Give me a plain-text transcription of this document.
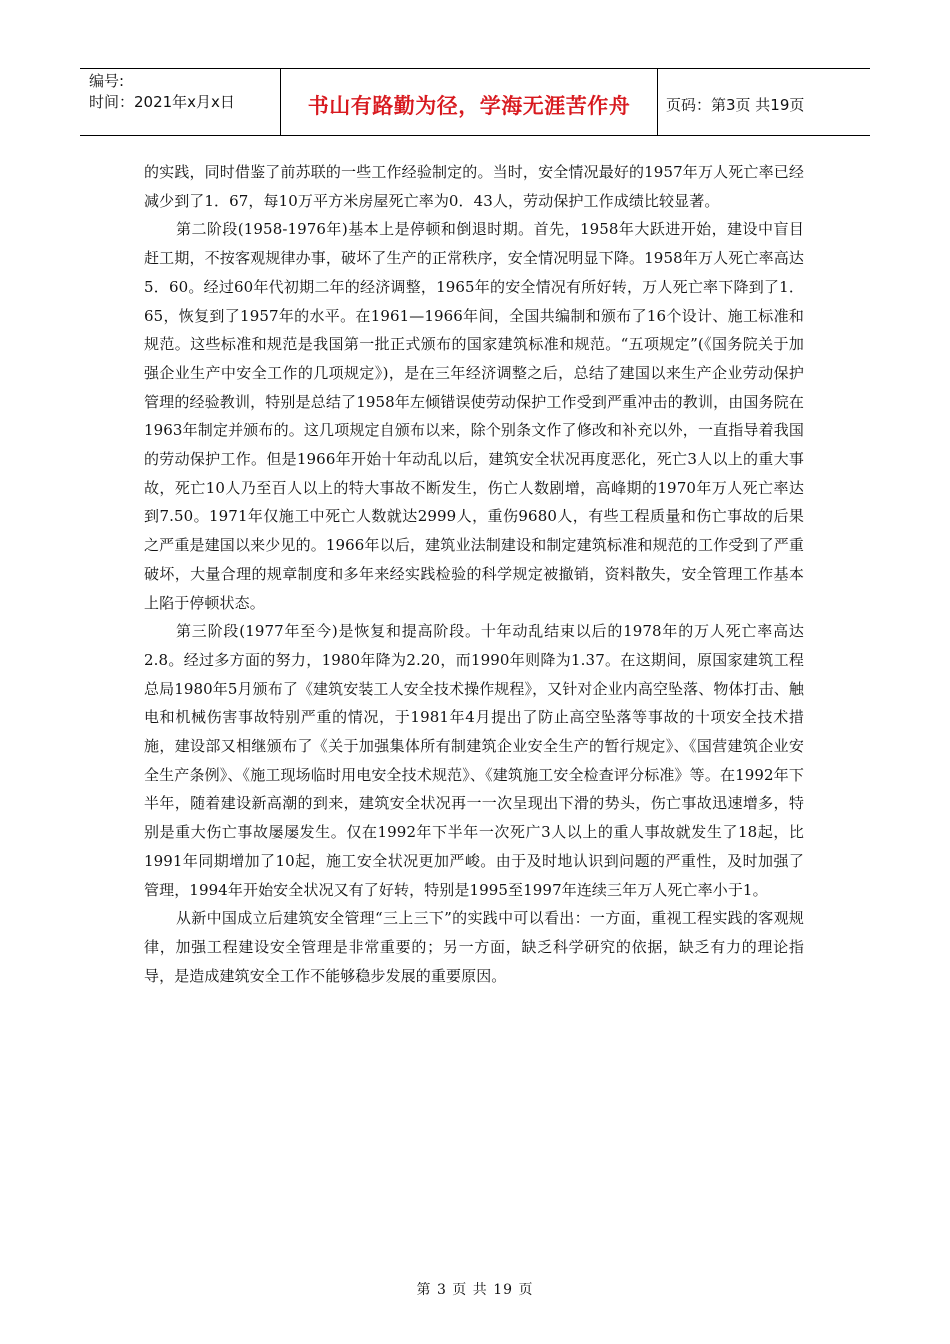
编号:
时间：2021年x月x日	书山有路勤为径，学海无涯苦作舟 页码：第3页 共19页

的实践，同时借鉴了前苏联的一些工作经验制定的。当时，安全情况最好的1957年万人死亡率已经减少到了1．67，每10万平方米房屋死亡率为0．43人，劳动保护工作成绩比较显著。

第二阶段(1958-1976年)基本上是停顿和倒退时期。首先，1958年大跃进开始，建设中盲目赶工期，不按客观规律办事，破坏了生产的正常秩序，安全情况明显下降。1958年万人死亡率高达5．60。经过60年代初期二年的经济调整，1965年的安全情况有所好转，万人死亡率下降到了1．65，恢复到了1957年的水平。在1961—1966年间，全国共编制和颁布了16个设计、施工标准和规范。这些标准和规范是我国第一批正式颁布的国家建筑标准和规范。“五项规定”(《国务院关于加强企业生产中安全工作的几项规定》)，是在三年经济调整之后，总结了建国以来生产企业劳动保护管理的经验教训，特别是总结了1958年左倾错误使劳动保护工作受到严重冲击的教训，由国务院在1963年制定并颁布的。这几项规定自颁布以来，除个别条文作了修改和补充以外，一直指导着我国的劳动保护工作。但是1966年开始十年动乱以后，建筑安全状况再度恶化，死亡3人以上的重大事故，死亡10人乃至百人以上的特大事故不断发生，伤亡人数剧增，高峰期的1970年万人死亡率达到7.50。1971年仅施工中死亡人数就达2999人，重伤9680人，有些工程质量和伤亡事故的后果之严重是建国以来少见的。1966年以后，建筑业法制建设和制定建筑标准和规范的工作受到了严重破坏，大量合理的规章制度和多年来经实践检验的科学规定被撤销，资料散失，安全管理工作基本上陷于停顿状态。

第三阶段(1977年至今)是恢复和提高阶段。十年动乱结束以后的1978年的万人死亡率高达2.8。经过多方面的努力，1980年降为2.20，而1990年则降为1.37。在这期间，原国家建筑工程总局1980年5月颁布了《建筑安装工人安全技术操作规程》，又针对企业内高空坠落、物体打击、触电和机械伤害事故特别严重的情况，于1981年4月提出了防止高空坠落等事故的十项安全技术措施，建设部又相继颁布了《关于加强集体所有制建筑企业安全生产的暂行规定》、《国营建筑企业安全生产条例》、《施工现场临时用电安全技术规范》、《建筑施工安全检查评分标准》等。在1992年下半年，随着建设新高潮的到来，建筑安全状况再一一次呈现出下滑的势头，伤亡事故迅速增多，特别是重大伤亡事故屡屡发生。仅在1992年下半年一次死广3人以上的重人事故就发生了18起，比1991年同期增加了10起，施工安全状况更加严峻。由于及时地认识到问题的严重性，及时加强了管理，1994年开始安全状况又有了好转，特别是1995至1997年连续三年万人死亡率小于1。

从新中国成立后建筑安全管理“三上三下”的实践中可以看出：一方面，重视工程实践的客观规律，加强工程建设安全管理是非常重要的；另一方面，缺乏科学研究的依据，缺乏有力的理论指导，是造成建筑安全工作不能够稳步发展的重要原因。

第 3 页 共 19 页
